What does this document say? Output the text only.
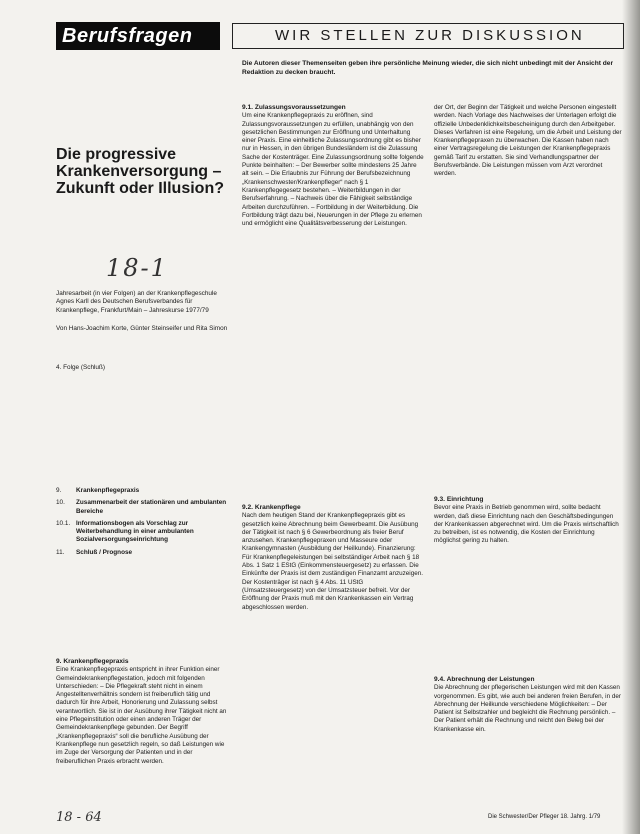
Berufsfragen	WIR STELLEN ZUR DISKUSSION
Die Autoren dieser Themenseiten geben ihre persönliche Meinung wieder, die sich nicht unbedingt mit der Ansicht der Redaktion zu decken braucht.
Die progressive Krankenversorgung – Zukunft oder Illusion?
18-1
Jahresarbeit (in vier Folgen) an der Krankenpflegeschule Agnes Karll des Deutschen Berufsverbandes für Krankenpflege, Frankfurt/Main – Jahreskurse 1977/79
Von Hans-Joachim Korte, Günter Steinseifer und Rita Simon
4. Folge (Schluß)
9.	Krankenpflegepraxis
10.	Zusammenarbeit der stationären und ambulanten Bereiche
10.1. Informationsbogen als Vorschlag zur Weiterbehandlung in einer ambulanten Sozialversorgungseinrichtung
11.	Schluß / Prognose
9. Krankenpflegepraxis

Eine Krankenpflegepraxis entspricht in ihrer Funktion einer Gemeindekrankenpflegestation, jedoch mit folgenden Unterschieden: – Die Pflegekraft steht nicht in einem Angestelltenverhältnis sondern ist freiberuflich tätig und dadurch für ihre Arbeit, Honorierung und Zulassung selbst verantwortlich. Sie ist in der Ausübung ihrer Tätigkeit nicht an eine Pflegeinstitution oder einen anderen Träger der Gemeindekrankenpflege gebunden. Der Begriff „Krankenpflegepraxis“ soll die berufliche Ausübung der Krankenpflege nun gesetzlich regeln, so daß Leistungen wie im Zuge der Versorgung der Patienten und in der freiberuflichen Praxis erbracht werden.

9.1. Zulassungsvoraussetzungen

Um eine Krankenpflegepraxis zu eröffnen, sind Zulassungsvoraussetzungen zu erfüllen, unabhängig von den gesetzlichen Bestimmungen zur Eröffnung und Unterhaltung einer Praxis. Eine einheitliche Zulassungsordnung gibt es bisher nur in Hessen, in den übrigen Bundesländern ist die Zulassung Sache der Kostenträger. Eine Zulassungsordnung sollte folgende Punkte beinhalten: – Der Bewerber sollte mindestens 25 Jahre alt sein. – Die Erlaubnis zur Führung der Berufsbezeichnung „Krankenschwester/Krankenpfleger“ nach § 1 Krankenpflegegesetz bestehen. – Weiterbildungen in der Berufserfahrung. – Nachweis über die Fähigkeit selbständige Arbeiten durchzuführen. – Fortbildung in der Weiterbildung. Die Fortbildung trägt dazu bei, Neuerungen in der Pflege zu erlernen und ermöglicht eine Qualitätsverbesserung der Leistungen.

9.2. Krankenpflege

Nach dem heutigen Stand der Krankenpflegepraxis gibt es gesetzlich keine Abrechnung beim Gewerbeamt. Die Ausübung der Tätigkeit ist nach § 6 Gewerbeordnung als freier Beruf anzusehen. Krankenpflegepraxen und Masseure oder Krankengymnasten (Ausbildung der Heilkunde). Finanzierung: Für Krankenpflegeleistungen bei selbständiger Arbeit nach § 18 Abs. 1 Satz 1 EStG (Einkommensteuergesetz) zu erfassen. Die Einkünfte der Praxis ist dem zuständigen Finanzamt anzuzeigen. Der Kostenträger ist nach § 4 Abs. 11 UStG (Umsatzsteuergesetz) von der Umsatzsteuer befreit. Vor der Eröffnung der Praxis muß mit den Krankenkassen ein Vertrag abgeschlossen werden.

der Ort, der Beginn der Tätigkeit und welche Personen eingestellt werden. Nach Vorlage des Nachweises der Unterlagen erfolgt die offizielle Unbedenklichkeitsbescheinigung durch den Arbeitgeber. Dieses Verfahren ist eine Regelung, um die Arbeit und Leistung der Krankenpflegepraxen zu überwachen. Die Kassen haben nach einer Vertragsregelung die Leistungen der Krankenpflegepraxis gemäß Tarif zu erstatten. Sie sind Verhandlungspartner der Berufsverbände. Die Leistungen müssen vom Arzt verordnet werden.

9.3. Einrichtung

Bevor eine Praxis in Betrieb genommen wird, sollte bedacht werden, daß diese Einrichtung nach den Geschäftsbedingungen der Krankenkassen abgerechnet wird. Um die Praxis wirtschaftlich zu betreiben, ist es notwendig, die Kosten der Einrichtung möglichst gering zu halten.

9.4. Abrechnung der Leistungen

Die Abrechnung der pflegerischen Leistungen wird mit den Kassen vorgenommen. Es gibt, wie auch bei anderen freien Berufen, in der Abrechnung der Heilkunde verschiedene Möglichkeiten: – Der Patient ist Selbstzahler und begleicht die Rechnung persönlich. – Der Patient erhält die Rechnung und reicht den Beleg bei der Krankenkasse ein.

18 - 64	Die Schwester/Der Pfleger 18. Jahrg. 1/79
